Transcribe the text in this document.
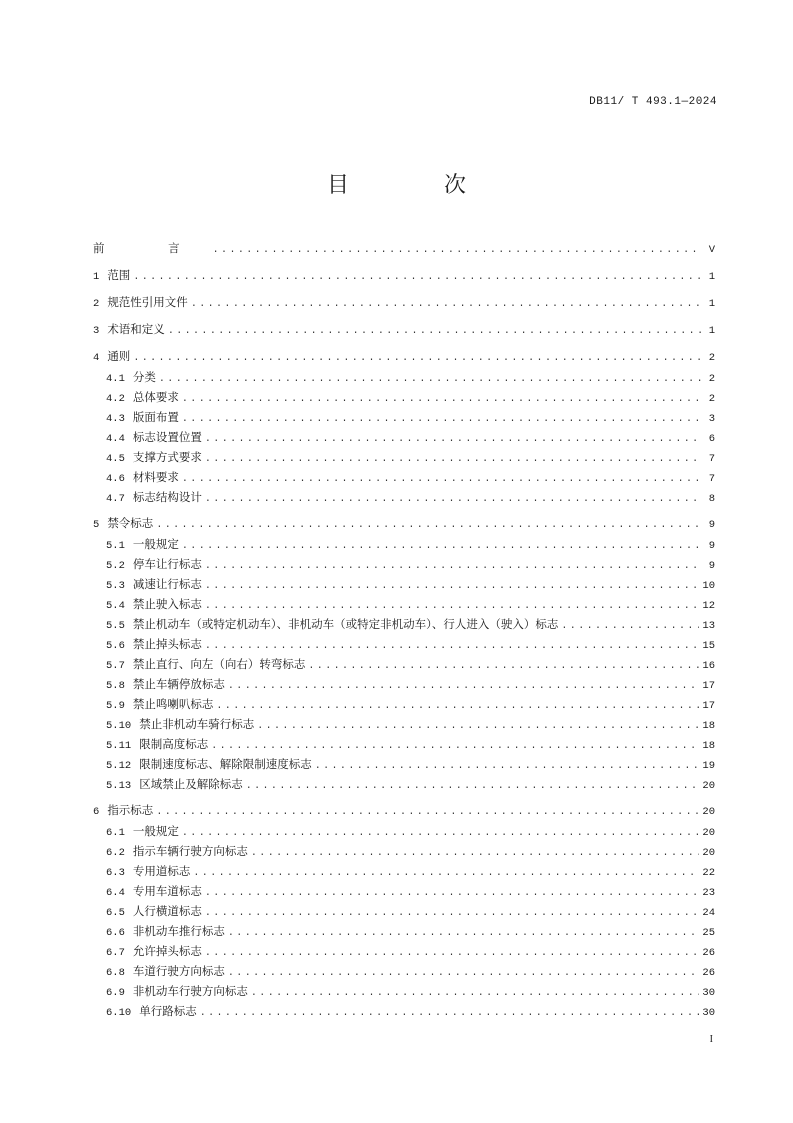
DB11/ T 493.1—2024
目 次
前 言 .....	V
1 范围 .....	1
2 规范性引用文件 .....	1
3 术语和定义 .....	1
4 通则 .....	2
4.1 分类 .....	2
4.2 总体要求 .....	2
4.3 版面布置 .....	3
4.4 标志设置位置 .....	6
4.5 支撑方式要求 .....	7
4.6 材料要求 .....	7
4.7 标志结构设计 .....	8
5 禁令标志 .....	9
5.1 一般规定 .....	9
5.2 停车让行标志 .....	9
5.3 减速让行标志 .....	10
5.4 禁止驶入标志 .....	12
5.5 禁止机动车（或特定机动车）、非机动车（或特定非机动车）、行人进入（驶入）标志 .....	13
5.6 禁止掉头标志 .....	15
5.7 禁止直行、向左（向右）转弯标志 .....	16
5.8 禁止车辆停放标志 .....	17
5.9 禁止鸣喇叭标志 .....	17
5.10 禁止非机动车骑行标志 .....	18
5.11 限制高度标志 .....	18
5.12 限制速度标志、解除限制速度标志 .....	19
5.13 区域禁止及解除标志 .....	20
6 指示标志 .....	20
6.1 一般规定 .....	20
6.2 指示车辆行驶方向标志 .....	20
6.3 专用道标志 .....	22
6.4 专用车道标志 .....	23
6.5 人行横道标志 .....	24
6.6 非机动车推行标志 .....	25
6.7 允许掉头标志 .....	26
6.8 车道行驶方向标志 .....	26
6.9 非机动车行驶方向标志 .....	30
6.10 单行路标志 .....	30
I
